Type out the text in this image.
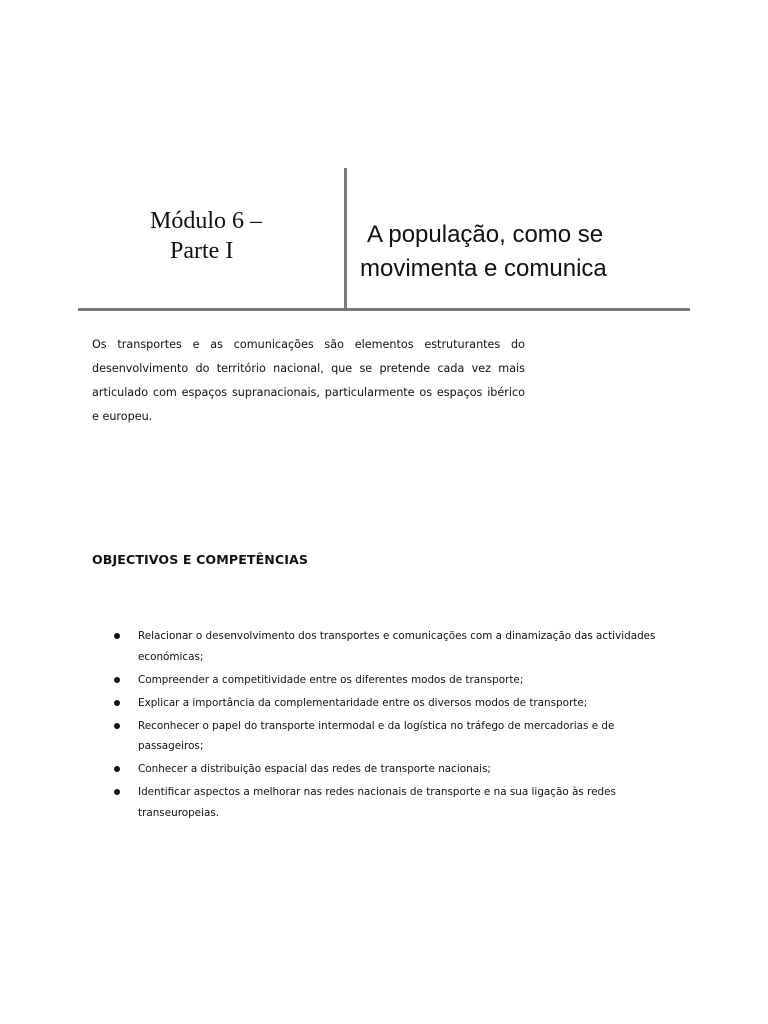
Módulo 6 –
Parte I
A população, como se
movimenta e comunica

Os transportes e as comunicações são elementos estruturantes do desenvolvimento do território nacional, que se pretende cada vez mais articulado com espaços supranacionais, particularmente os espaços ibérico e europeu.

OBJECTIVOS E COMPETÊNCIAS
Relacionar o desenvolvimento dos transportes e comunicações com a dinamização das actividades económicas;
Compreender a competitividade entre os diferentes modos de transporte;
Explicar a importância da complementaridade entre os diversos modos de transporte;
Reconhecer o papel do transporte intermodal e da logística no tráfego de mercadorias e de passageiros;
Conhecer a distribuição espacial das redes de transporte nacionais;
Identificar aspectos a melhorar nas redes nacionais de transporte e na sua ligação às redes transeuropeias.
